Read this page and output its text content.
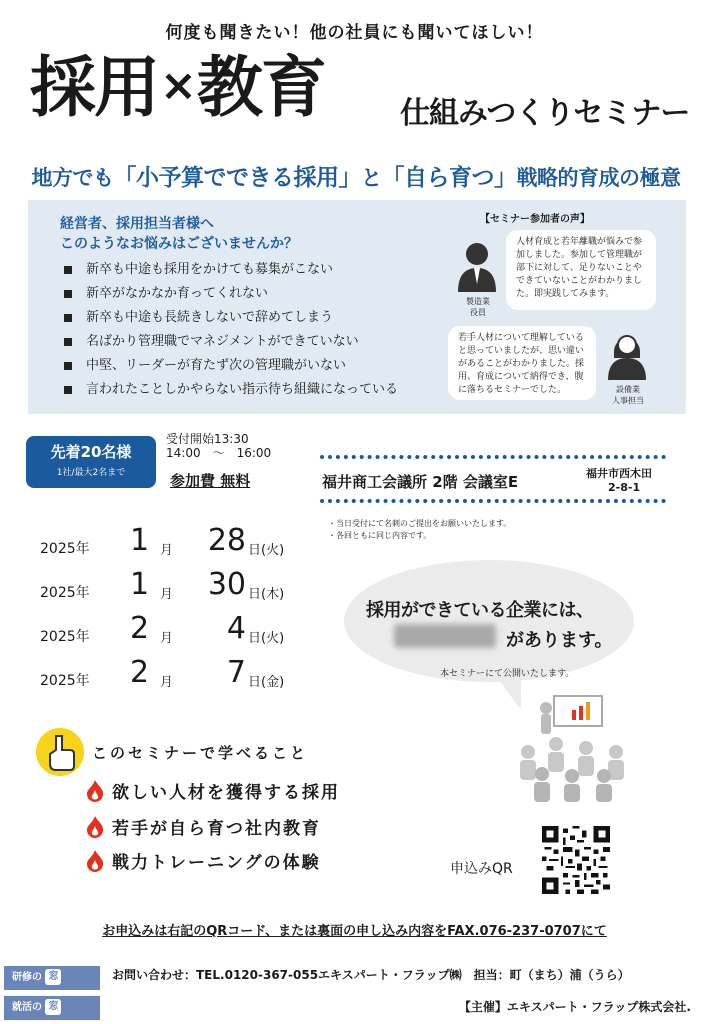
何度も聞きたい！他の社員にも聞いてほしい！
採用×教育	仕組みつくりセミナー
地方でも「小予算でできる採用」と「自ら育つ」戦略的育成の極意
経営者、採用担当者様へ
このようなお悩みはございませんか？
新卒も中途も採用をかけても募集がこない
新卒がなかなか育ってくれない
新卒も中途も長続きしないで辞めてしまう
名ばかり管理職でマネジメントができていない
中堅、リーダーが育たず次の管理職がいない
言われたことしかやらない指示待ち組織になっている
【セミナー参加者の声】
製造業
役員
人材育成と若年離職が悩みで参加しました。参加して管理職が部下に対して、足りないことやできていないことがわかりました。即実践してみます。
若手人材について理解していると思っていましたが、思い違いがあることがわかりました。採用、育成について納得でき、腹に落ちるセミナーでした。	設備業
人事担当
先着20名様
1社/最大2名まで
受付開始13:30
14:00　～　16:00
参加費 無料	福井商工会議所 2階 会議室E	福井市西木田
2-8-1
・当日受付にて名刺のご提出をお願いいたします。
・各回ともに同じ内容です。
2025年 1 月	28 日(火)
2025年 1 月	30 日(木)
2025年 2 月	4 日(火)
2025年 2 月	7 日(金)
採用ができている企業には、
があります。
本セミナーにて公開いたします。
このセミナーで学べること
欲しい人材を獲得する採用
若手が自ら育つ社内教育
戦力トレーニングの体験	申込みQR
お申込みは右記のQRコード、または裏面の申し込み内容をFAX.076-237-0707にて
研修の 窓
就活の 窓
お問い合わせ：TEL.0120-367-055エキスパート・フラップ㈱　担当：町（まち）浦（うら）
【主催】エキスパート・フラップ株式会社.
